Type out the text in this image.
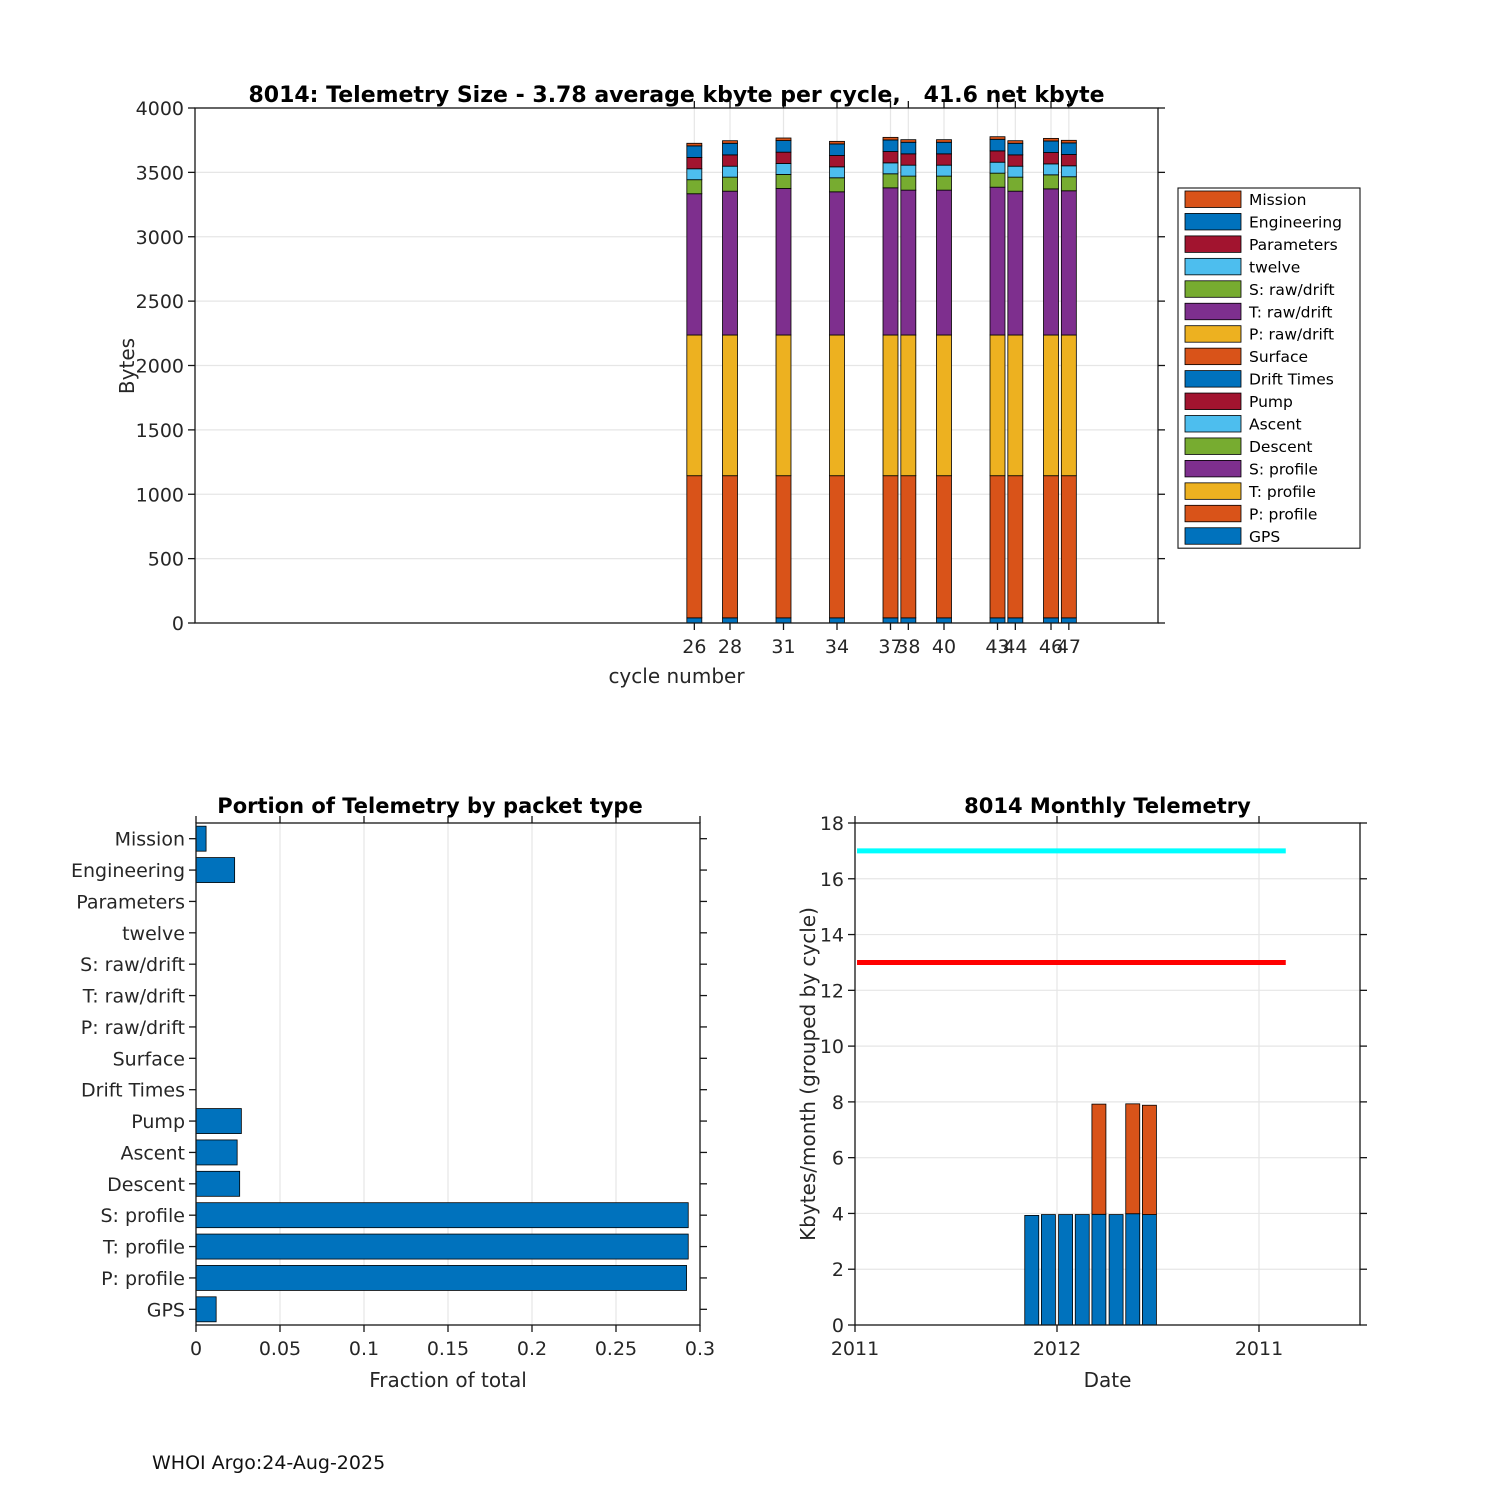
0
500
1000
1500
2000
2500
3000
3500
4000
26 28 31 34 37
38 40 43
44 46
47
Mission
Engineering
Parameters
twelve
S: raw/drift
T: raw/drift
P: raw/drift
Surface
Drift Times
Pump
Ascent
Descent
S: profile
T: profile
P: profile
GPS
Mission
Engineering
Parameters
twelve
S: raw/drift
T: raw/drift
P: raw/drift
Surface
Drift Times
Pump
Ascent
Descent
S: profile
T: profile
P: profile
GPS
0	0.05	0.1	0.15	0.2	0.25	0.3
0
2
4
6
8
10
12
14
16
18
2011	2012	2011
8014: Telemetry Size - 3.78 average kbyte per cycle,   41.6 net kbyte
cycle number
Bytes
Portion of Telemetry by packet type
Fraction of total
8014 Monthly Telemetry
Date
Kbytes/month (grouped by cycle)
WHOI Argo:24-Aug-2025
